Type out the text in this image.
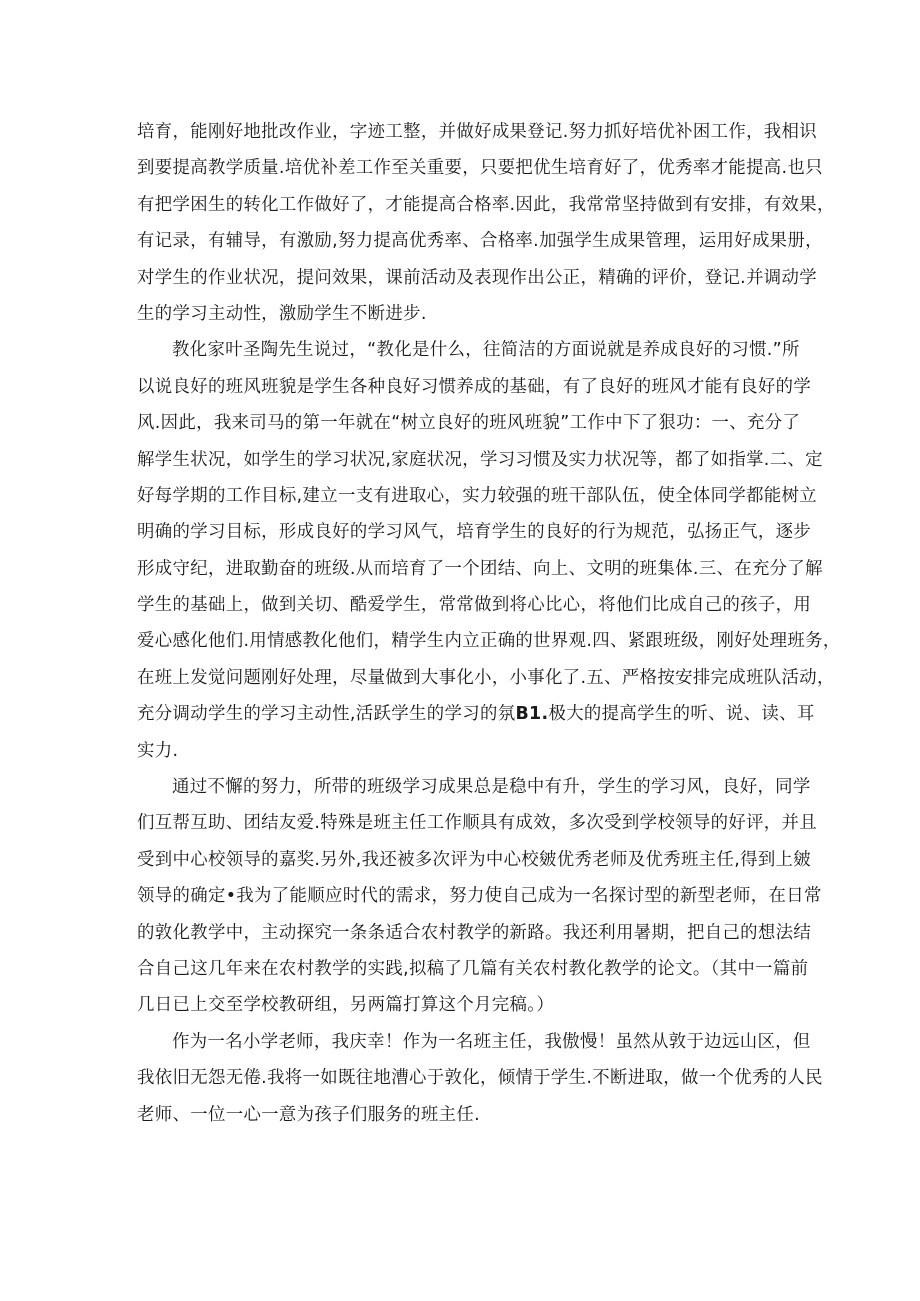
培育，能刚好地批改作业，字迹工整，并做好成果登记.努力抓好培优补困工作，我相识
到要提高教学质量.培优补差工作至关重要，只要把优生培育好了，优秀率才能提高.也只
有把学困生的转化工作做好了，才能提高合格率.因此，我常常坚持做到有安排，有效果，
有记录，有辅导，有激励,努力提高优秀率、合格率.加强学生成果管理，运用好成果册，
对学生的作业状况，提问效果，课前活动及表现作出公正，精确的评价，登记.并调动学
生的学习主动性，激励学生不断进步.
教化家叶圣陶先生说过，“教化是什么，往简洁的方面说就是养成良好的习惯.”所
以说良好的班风班貌是学生各种良好习惯养成的基础，有了良好的班风才能有良好的学
风.因此，我来司马的第一年就在“树立良好的班风班貌”工作中下了狠功：一、充分了
解学生状况，如学生的学习状况,家庭状况，学习习惯及实力状况等，都了如指掌.二、定
好每学期的工作目标,建立一支有进取心，实力较强的班干部队伍，使全体同学都能树立
明确的学习目标，形成良好的学习风气，培育学生的良好的行为规范，弘扬正气，逐步
形成守纪，进取勤奋的班级.从而培育了一个团结、向上、文明的班集体.三、在充分了解
学生的基础上，做到关切、酷爱学生，常常做到将心比心，将他们比成自己的孩子，用
爱心感化他们.用情感教化他们，精学生内立正确的世界观.四、紧跟班级，刚好处理班务，
在班上发觉问题刚好处理，尽量做到大事化小，小事化了.五、严格按安排完成班队活动，
充分调动学生的学习主动性,活跃学生的学习的氛B1.极大的提高学生的听、说、读、耳
实力.
通过不懈的努力，所带的班级学习成果总是稳中有升，学生的学习风，良好，同学
们互帮互助、团结友爱.特殊是班主任工作顺具有成效，多次受到学校领导的好评，并且
受到中心校领导的嘉奖.另外,我还被多次评为中心校皴优秀老师及优秀班主任,得到上皴
领导的确定•我为了能顺应时代的需求，努力使自己成为一名探讨型的新型老师，在日常
的敦化教学中，主动探究一条条适合农村教学的新路。我还利用暑期，把自己的想法结
合自己这几年来在农村教学的实践,拟稿了几篇有关农村教化教学的论文。（其中一篇前
几日已上交至学校教研组，另两篇打算这个月完稿。）
作为一名小学老师，我庆幸！作为一名班主任，我傲慢！虽然从敦于边远山区，但
我依旧无怨无倦.我将一如既往地漕心于敦化，倾情于学生.不断进取，做一个优秀的人民
老师、一位一心一意为孩子们服务的班主任.
